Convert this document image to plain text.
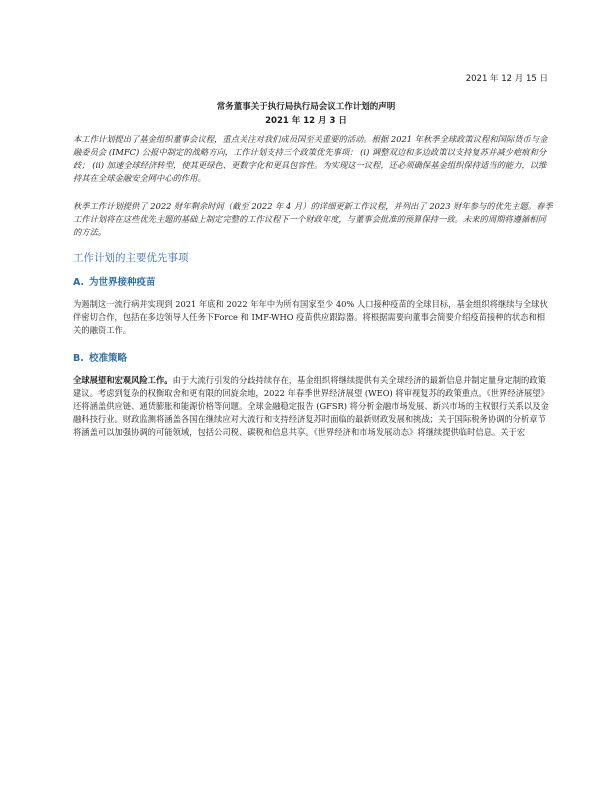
2021 年 12 月 15 日
常务董事关于执行局执行局会议工作计划的声明
2021 年 12 月 3 日

本工作计划提出了基金组织董事会议程，重点关注对我们成员国至关重要的活动。根据 2021 年秋季全球政策议程和国际货币与金融委员会 (IMFC) 公报中制定的战略方向，工作计划支持三个政策优先事项： (i) 调整双边和多边政策以支持复苏并减少疤痕和分歧； (ii) 加速全球经济转型，使其更绿色、更数字化和更具包容性。为实现这一议程，还必须确保基金组织保持适当的能力，以维持其在全球金融安全网中心的作用。

秋季工作计划提供了 2022 财年剩余时间（截至 2022 年 4 月）的详细更新工作议程，并列出了 2023 财年参与的优先主题。春季工作计划将在这些优先主题的基础上制定完整的工作议程下一个财政年度，与董事会批准的预算保持一致。未来的周期将遵循相同的方法。

工作计划的主要优先事项
A. 为世界接种疫苗

为遏制这一流行病并实现到 2021 年底和 2022 年年中为所有国家至少 40% 人口接种疫苗的全球目标，基金组织将继续与全球伙伴密切合作，包括在多边领导人任务下Force 和 IMF-WHO 疫苗供应跟踪器。将根据需要向董事会简要介绍疫苗接种的状态和相关的融资工作。

B. 校准策略

全球展望和宏观风险工作。由于大流行引发的分歧持续存在，基金组织将继续提供有关全球经济的最新信息并制定量身定制的政策建议。考虑到复杂的权衡取舍和更有限的回旋余地，2022 年春季世界经济展望 (WEO) 将审视复苏的政策重点。《世界经济展望》还将涵盖供应链、通货膨胀和能源价格等问题。全球金融稳定报告 (GFSR) 将分析金融市场发展、新兴市场的主权银行关系以及金融科技行业。财政监测将涵盖各国在继续应对大流行和支持经济复苏时面临的最新财政发展和挑战；关于国际税务协调的分析章节将涵盖可以加强协调的可能领域，包括公司税、碳税和信息共享。《世界经济和市场发展动态》将继续提供临时信息。关于宏
